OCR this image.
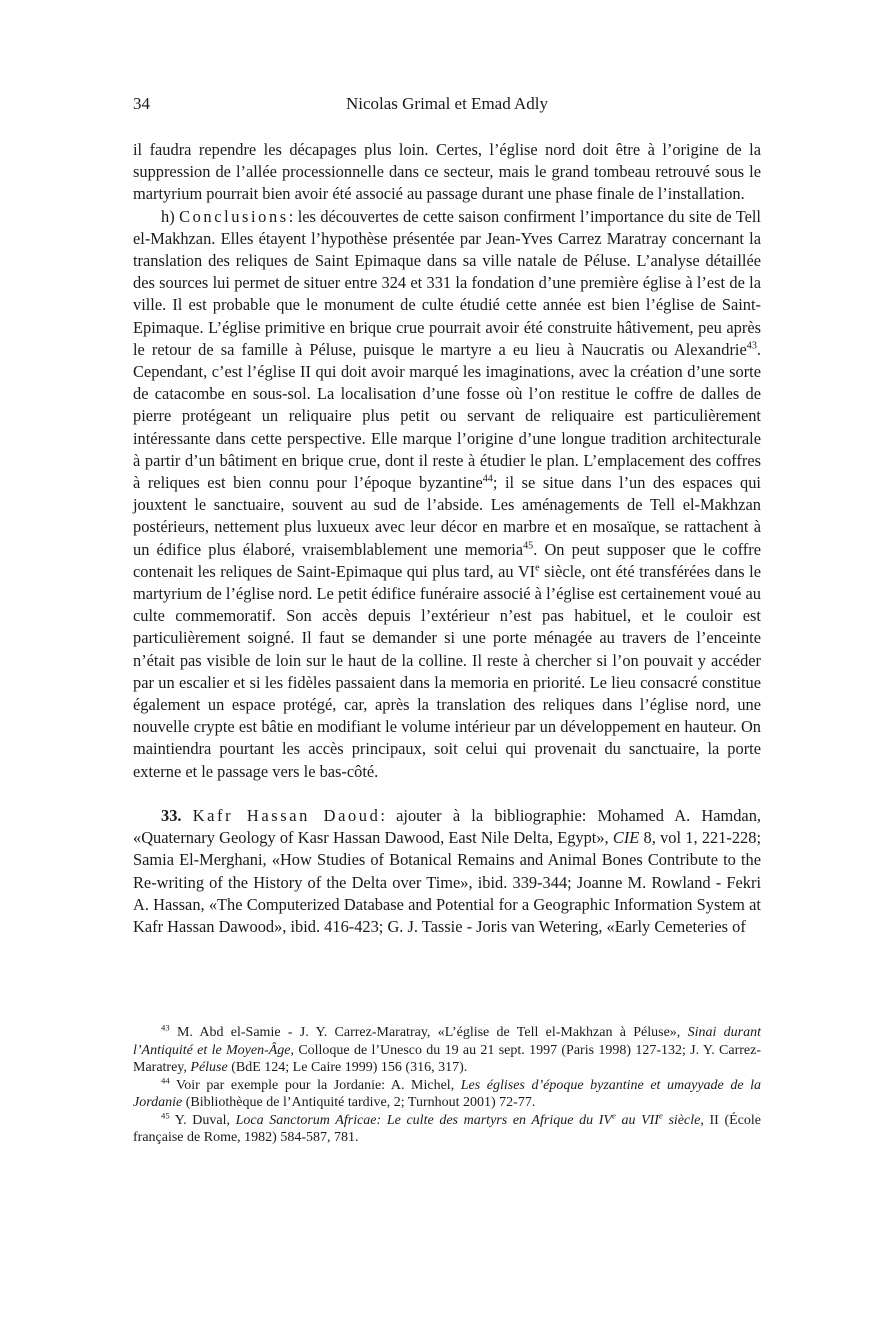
34	Nicolas Grimal et Emad Adly

il faudra rependre les décapages plus loin. Certes, l’église nord doit être à l’origine de la suppression de l’allée processionnelle dans ce secteur, mais le grand tombeau retrouvé sous le martyrium pourrait bien avoir été associé au passage durant une phase finale de l’installation.

h) Conclusions: les découvertes de cette saison confirment l’importance du site de Tell el-Makhzan. Elles étayent l’hypothèse présentée par Jean-Yves Carrez Maratray concernant la translation des reliques de Saint Epimaque dans sa ville natale de Péluse. L’analyse détaillée des sources lui permet de situer entre 324 et 331 la fondation d’une première église à l’est de la ville. Il est probable que le monument de culte étudié cette année est bien l’église de Saint-Epimaque. L’église primitive en brique crue pourrait avoir été construite hâtivement, peu après le retour de sa famille à Péluse, puisque le martyre a eu lieu à Naucratis ou Alexandrie$^{43}$. Cependant, c’est l’église II qui doit avoir marqué les imaginations, avec la création d’une sorte de catacombe en sous-sol. La localisation d’une fosse où l’on restitue le coffre de dalles de pierre protégeant un reliquaire plus petit ou servant de reliquaire est particulièrement intéressante dans cette perspective. Elle marque l’origine d’une longue tradition architecturale à partir d’un bâtiment en brique crue, dont il reste à étudier le plan. L’emplacement des coffres à reliques est bien connu pour l’époque byzantine$^{44}$; il se situe dans l’un des espaces qui jouxtent le sanctuaire, souvent au sud de l’abside. Les aménagements de Tell el-Makhzan postérieurs, nettement plus luxueux avec leur décor en marbre et en mosaïque, se rattachent à un édifice plus élaboré, vraisemblablement une memoria$^{45}$. On peut supposer que le coffre contenait les reliques de Saint-Epimaque qui plus tard, au VIe siècle, ont été transférées dans le martyrium de l’église nord. Le petit édifice funéraire associé à l’église est certainement voué au culte commemoratif. Son accès depuis l’extérieur n’est pas habituel, et le couloir est particulièrement soigné. Il faut se demander si une porte ménagée au travers de l’enceinte n’était pas visible de loin sur le haut de la colline. Il reste à chercher si l’on pouvait y accéder par un escalier et si les fidèles passaient dans la memoria en priorité. Le lieu consacré constitue également un espace protégé, car, après la translation des reliques dans l’église nord, une nouvelle crypte est bâtie en modifiant le volume intérieur par un développement en hauteur. On maintiendra pourtant les accès principaux, soit celui qui provenait du sanctuaire, la porte externe et le passage vers le bas-côté.

33. Kafr Hassan Daoud: ajouter à la bibliographie: Mohamed A. Hamdan, «Quaternary Geology of Kasr Hassan Dawood, East Nile Delta, Egypt», CIE 8, vol 1, 221-228; Samia El-Merghani, «How Studies of Botanical Remains and Animal Bones Contribute to the Re-writing of the History of the Delta over Time», ibid. 339-344; Joanne M. Rowland - Fekri A. Hassan, «The Computerized Database and Potential for a Geographic Information System at Kafr Hassan Dawood», ibid. 416-423; G. J. Tassie - Joris van Wetering, «Early Cemeteries of

$^{43}$ M. Abd el-Samie - J. Y. Carrez-Maratray, «L’église de Tell el-Makhzan à Péluse», Sinai durant l’Antiquité et le Moyen-Âge, Colloque de l’Unesco du 19 au 21 sept. 1997 (Paris 1998) 127-132; J. Y. Carrez-Maratrey, Péluse (BdE 124; Le Caire 1999) 156 (316, 317).

$^{44}$ Voir par exemple pour la Jordanie: A. Michel, Les églises d’époque byzantine et umayyade de la Jordanie (Bibliothèque de l’Antiquité tardive, 2; Turnhout 2001) 72-77.

$^{45}$ Y. Duval, Loca Sanctorum Africae: Le culte des martyrs en Afrique du IVe au VIIe siècle, II (École française de Rome, 1982) 584-587, 781.
